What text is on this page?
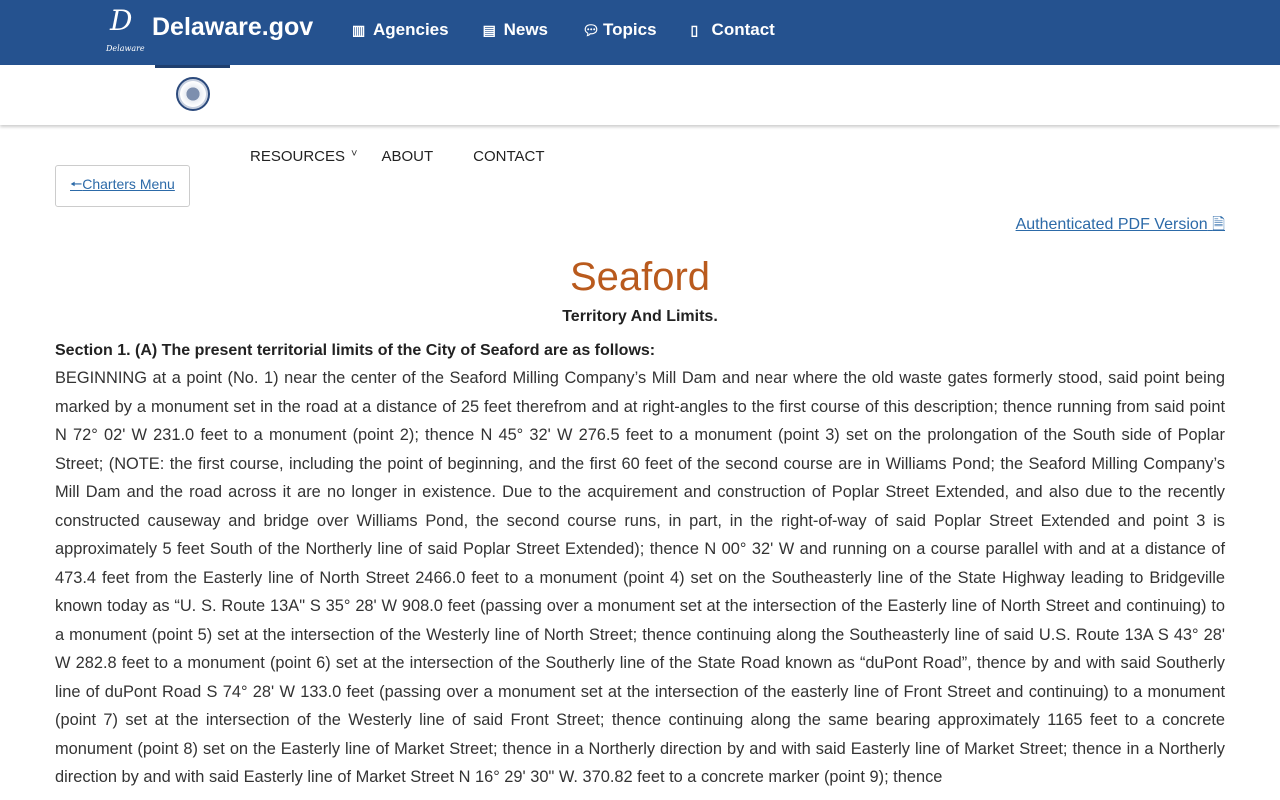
D
Delaware
Delaware.gov	▥ Agencies ▤ News 💬︎ Topics ▯ Contact
RESOURCES ˅ ABOUT	CONTACT
🠔Charters Menu
Authenticated PDF Version 🗎
Seaford
Territory And Limits.
Section 1. (A) The present territorial limits of the City of Seaford are as follows:

BEGINNING at a point (No. 1) near the center of the Seaford Milling Company’s Mill Dam and near where the old waste gates formerly stood, said point being marked by a monument set in the road at a distance of 25 feet therefrom and at right-angles to the first course of this description; thence running from said point N 72° 02' W 231.0 feet to a monument (point 2); thence N 45° 32' W 276.5 feet to a monument (point 3) set on the prolongation of the South side of Poplar Street; (NOTE: the first course, including the point of beginning, and the first 60 feet of the second course are in Williams Pond; the Seaford Milling Company’s Mill Dam and the road across it are no longer in existence. Due to the acquirement and construction of Poplar Street Extended, and also due to the recently constructed causeway and bridge over Williams Pond, the second course runs, in part, in the right-of-way of said Poplar Street Extended and point 3 is approximately 5 feet South of the Northerly line of said Poplar Street Extended); thence N 00° 32' W and running on a course parallel with and at a distance of 473.4 feet from the Easterly line of North Street 2466.0 feet to a monument (point 4) set on the Southeasterly line of the State Highway leading to Bridgeville known today as “U. S. Route 13A" S 35° 28' W 908.0 feet (passing over a monument set at the intersection of the Easterly line of North Street and continuing) to a monument (point 5) set at the intersection of the Westerly line of North Street; thence continuing along the Southeasterly line of said U.S. Route 13A S 43° 28' W 282.8 feet to a monument (point 6) set at the intersection of the Southerly line of the State Road known as “duPont Road”, thence by and with said Southerly line of duPont Road S 74° 28' W 133.0 feet (passing over a monument set at the intersection of the easterly line of Front Street and continuing) to a monument (point 7) set at the intersection of the Westerly line of said Front Street; thence continuing along the same bearing approximately 1165 feet to a concrete monument (point 8) set on the Easterly line of Market Street; thence in a Northerly direction by and with said Easterly line of Market Street; thence in a Northerly direction by and with said Easterly line of Market Street N 16° 29' 30" W. 370.82 feet to a concrete marker (point 9); thence
